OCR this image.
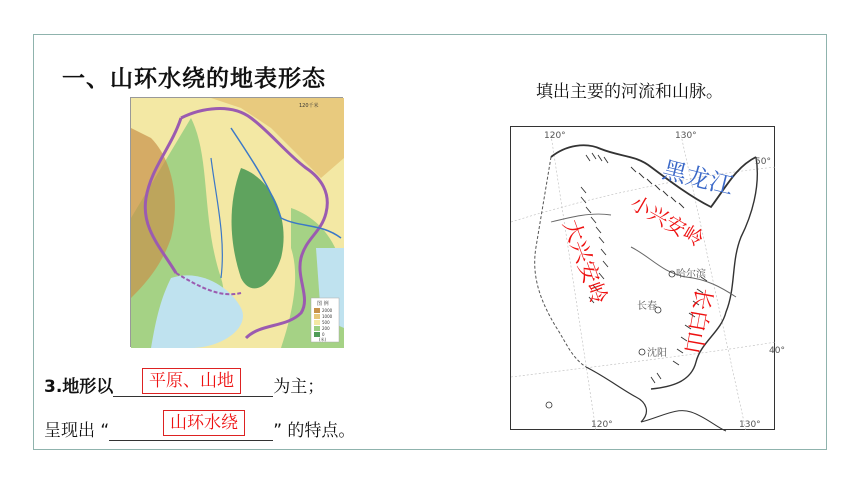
一、山环水绕的地表形态	填出主要的河流和山脉。
120千米
图 例
2000
1000
500
200
0
(米)
哈尔滨
长春
沈阳
120°	130°
120°	130°
50°
40°
黑龙江
小兴安岭
大兴安岭
长白山
3.地形以	为主；
平原、山地
呈现出 “	” 的特点。
山环水绕
